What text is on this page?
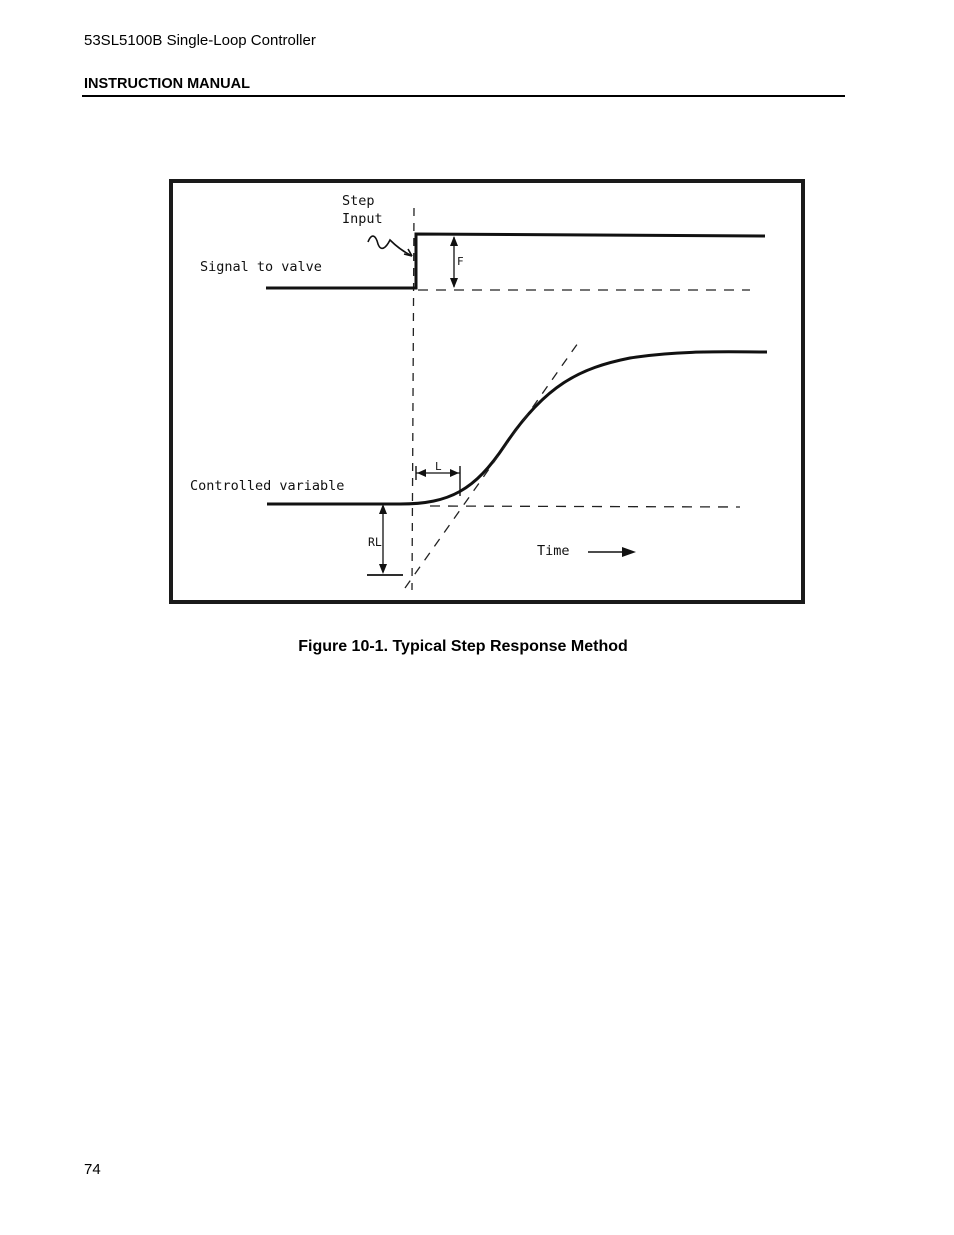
53SL5100B Single-Loop Controller
INSTRUCTION MANUAL
Step
Input
Signal to valve	F
Controlled variable
L
RL
Time
Figure 10-1. Typical Step Response Method
74
